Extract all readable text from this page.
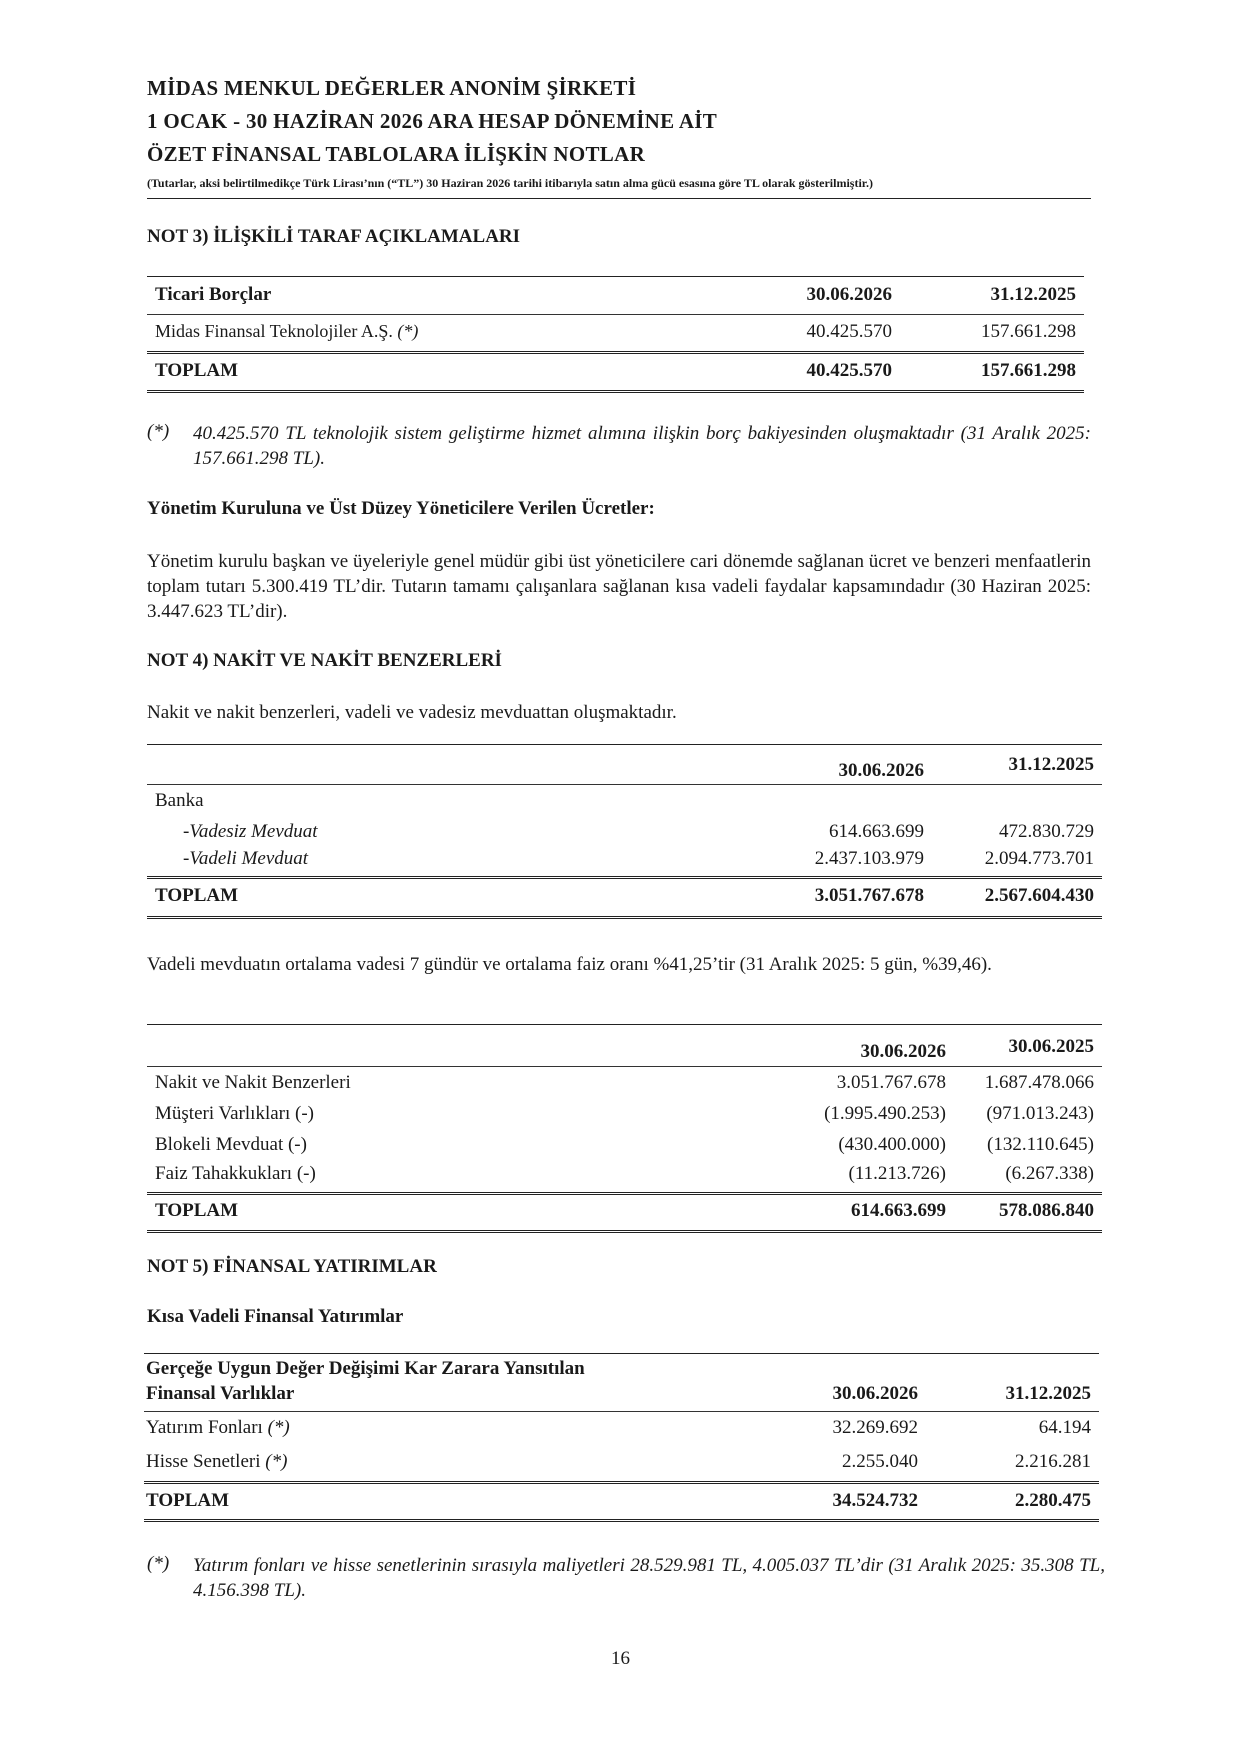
MİDAS MENKUL DEĞERLER ANONİM ŞİRKETİ
1 OCAK - 30 HAZİRAN 2026 ARA HESAP DÖNEMİNE AİT
ÖZET FİNANSAL TABLOLARA İLİŞKİN NOTLAR
(Tutarlar, aksi belirtilmedikçe Türk Lirası’nın (“TL”) 30 Haziran 2026 tarihi itibarıyla satın alma gücü esasına göre TL olarak gösterilmiştir.)
NOT 3) İLİŞKİLİ TARAF AÇIKLAMALARI
Ticari Borçlar	30.06.2026	31.12.2025
Midas Finansal Teknolojiler A.Ş. (*)	40.425.570	157.661.298
TOPLAM	40.425.570	157.661.298
(*) 40.425.570 TL teknolojik sistem geliştirme hizmet alımına ilişkin borç bakiyesinden oluşmaktadır (31 Aralık 2025: 157.661.298 TL).
Yönetim Kuruluna ve Üst Düzey Yöneticilere Verilen Ücretler:
Yönetim kurulu başkan ve üyeleriyle genel müdür gibi üst yöneticilere cari dönemde sağlanan ücret ve benzeri menfaatlerin toplam tutarı 5.300.419 TL’dir. Tutarın tamamı çalışanlara sağlanan kısa vadeli faydalar kapsamındadır (30 Haziran 2025: 3.447.623 TL’dir).
NOT 4) NAKİT VE NAKİT BENZERLERİ
Nakit ve nakit benzerleri, vadeli ve vadesiz mevduattan oluşmaktadır.
30.06.2026	31.12.2025
Banka
-Vadesiz Mevduat	614.663.699	472.830.729
-Vadeli Mevduat	2.437.103.979	2.094.773.701
TOPLAM	3.051.767.678	2.567.604.430
Vadeli mevduatın ortalama vadesi 7 gündür ve ortalama faiz oranı %41,25’tir (31 Aralık 2025: 5 gün, %39,46).
30.06.2026	30.06.2025
Nakit ve Nakit Benzerleri	3.051.767.678 1.687.478.066
Müşteri Varlıkları (-)	(1.995.490.253) (971.013.243)
Blokeli Mevduat (-)	(430.400.000) (132.110.645)
Faiz Tahakkukları (-)	(11.213.726)	(6.267.338)
TOPLAM	614.663.699	578.086.840
NOT 5) FİNANSAL YATIRIMLAR
Kısa Vadeli Finansal Yatırımlar
Gerçeğe Uygun Değer Değişimi Kar Zarara Yansıtılan
Finansal Varlıklar	30.06.2026	31.12.2025
Yatırım Fonları (*)	32.269.692	64.194
Hisse Senetleri (*)	2.255.040	2.216.281
TOPLAM	34.524.732	2.280.475
(*) Yatırım fonları ve hisse senetlerinin sırasıyla maliyetleri 28.529.981 TL, 4.005.037 TL’dir (31 Aralık 2025: 35.308 TL, 4.156.398 TL).
16
